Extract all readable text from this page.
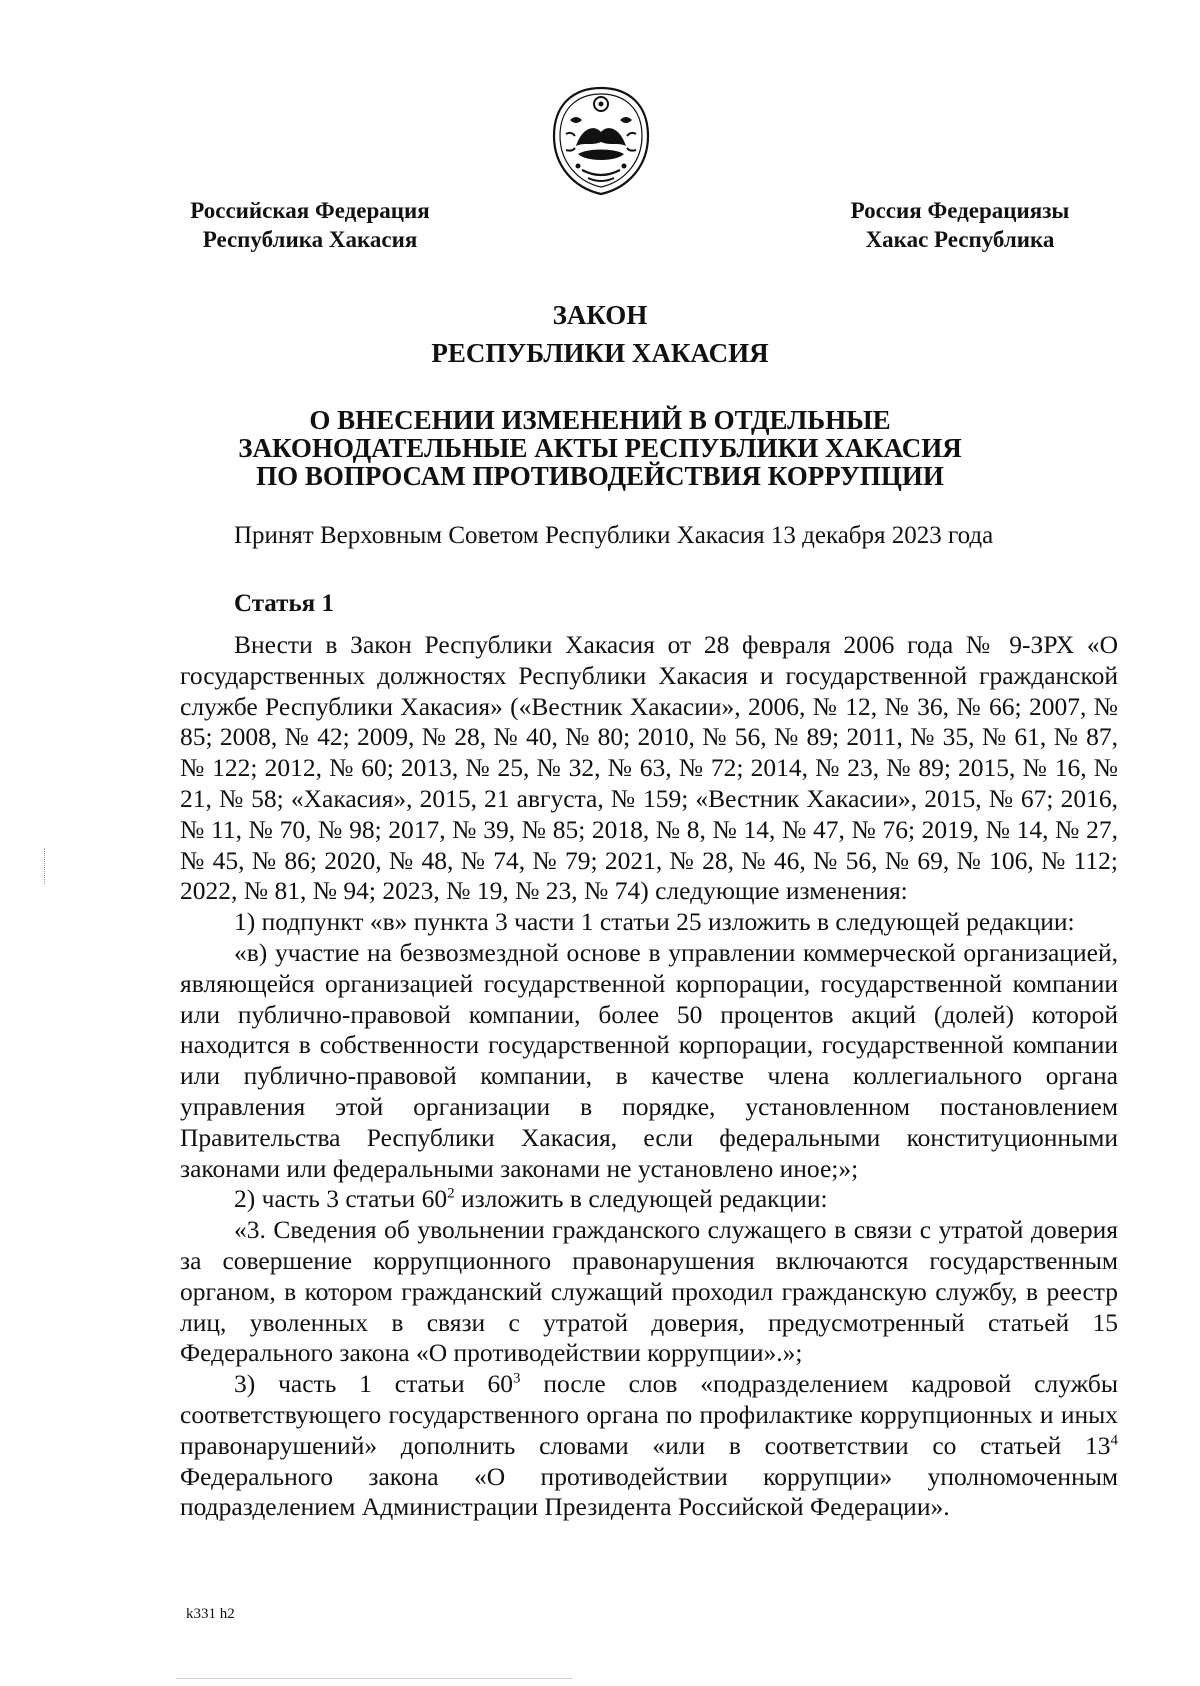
Российская Федерация
Республика Хакасия
Россия Федерациязы
Хакас Республика
ЗАКОН
РЕСПУБЛИКИ ХАКАСИЯ
О ВНЕСЕНИИ ИЗМЕНЕНИЙ В ОТДЕЛЬНЫЕ
ЗАКОНОДАТЕЛЬНЫЕ АКТЫ РЕСПУБЛИКИ ХАКАСИЯ
ПО ВОПРОСАМ ПРОТИВОДЕЙСТВИЯ КОРРУПЦИИ
Принят Верховным Советом Республики Хакасия 13 декабря 2023 года
Статья 1

Внести в Закон Республики Хакасия от 28 февраля 2006 года № 9-ЗРХ «О государственных должностях Республики Хакасия и государственной гражданской службе Республики Хакасия» («Вестник Хакасии», 2006, № 12, № 36, № 66; 2007, № 85; 2008, № 42; 2009, № 28, № 40, № 80; 2010, № 56, № 89; 2011, № 35, № 61, № 87, № 122; 2012, № 60; 2013, № 25, № 32, № 63, № 72; 2014, № 23, № 89; 2015, № 16, № 21, № 58; «Хакасия», 2015, 21 августа, № 159; «Вестник Хакасии», 2015, № 67; 2016, № 11, № 70, № 98; 2017, № 39, № 85; 2018, № 8, № 14, № 47, № 76; 2019, № 14, № 27, № 45, № 86; 2020, № 48, № 74, № 79; 2021, № 28, № 46, № 56, № 69, № 106, № 112; 2022, № 81, № 94; 2023, № 19, № 23, № 74) следующие изменения:

1) подпункт «в» пункта 3 части 1 статьи 25 изложить в следующей редакции:

«в) участие на безвозмездной основе в управлении коммерческой организацией, являющейся организацией государственной корпорации, государственной компании или публично-правовой компании, более 50 процентов акций (долей) которой находится в собственности государственной корпорации, государственной компании или публично-правовой компании, в качестве члена коллегиального органа управления этой организации в порядке, установленном постановлением Правительства Республики Хакасия, если федеральными конституционными законами или федеральными законами не установлено иное;»;

2) часть 3 статьи $60^2$ изложить в следующей редакции:

«3. Сведения об увольнении гражданского служащего в связи с утратой доверия за совершение коррупционного правонарушения включаются государственным органом, в котором гражданский служащий проходил гражданскую службу, в реестр лиц, уволенных в связи с утратой доверия, предусмотренный статьей 15 Федерального закона «О противодействии коррупции».»;

3) часть 1 статьи $60^3$ после слов «подразделением кадровой службы соответствующего государственного органа по профилактике коррупционных и иных правонарушений» дополнить словами «или в соответствии со статьей $13^4$ Федерального закона «О противодействии коррупции» уполномоченным подразделением Администрации Президента Российской Федерации».

k331 h2
